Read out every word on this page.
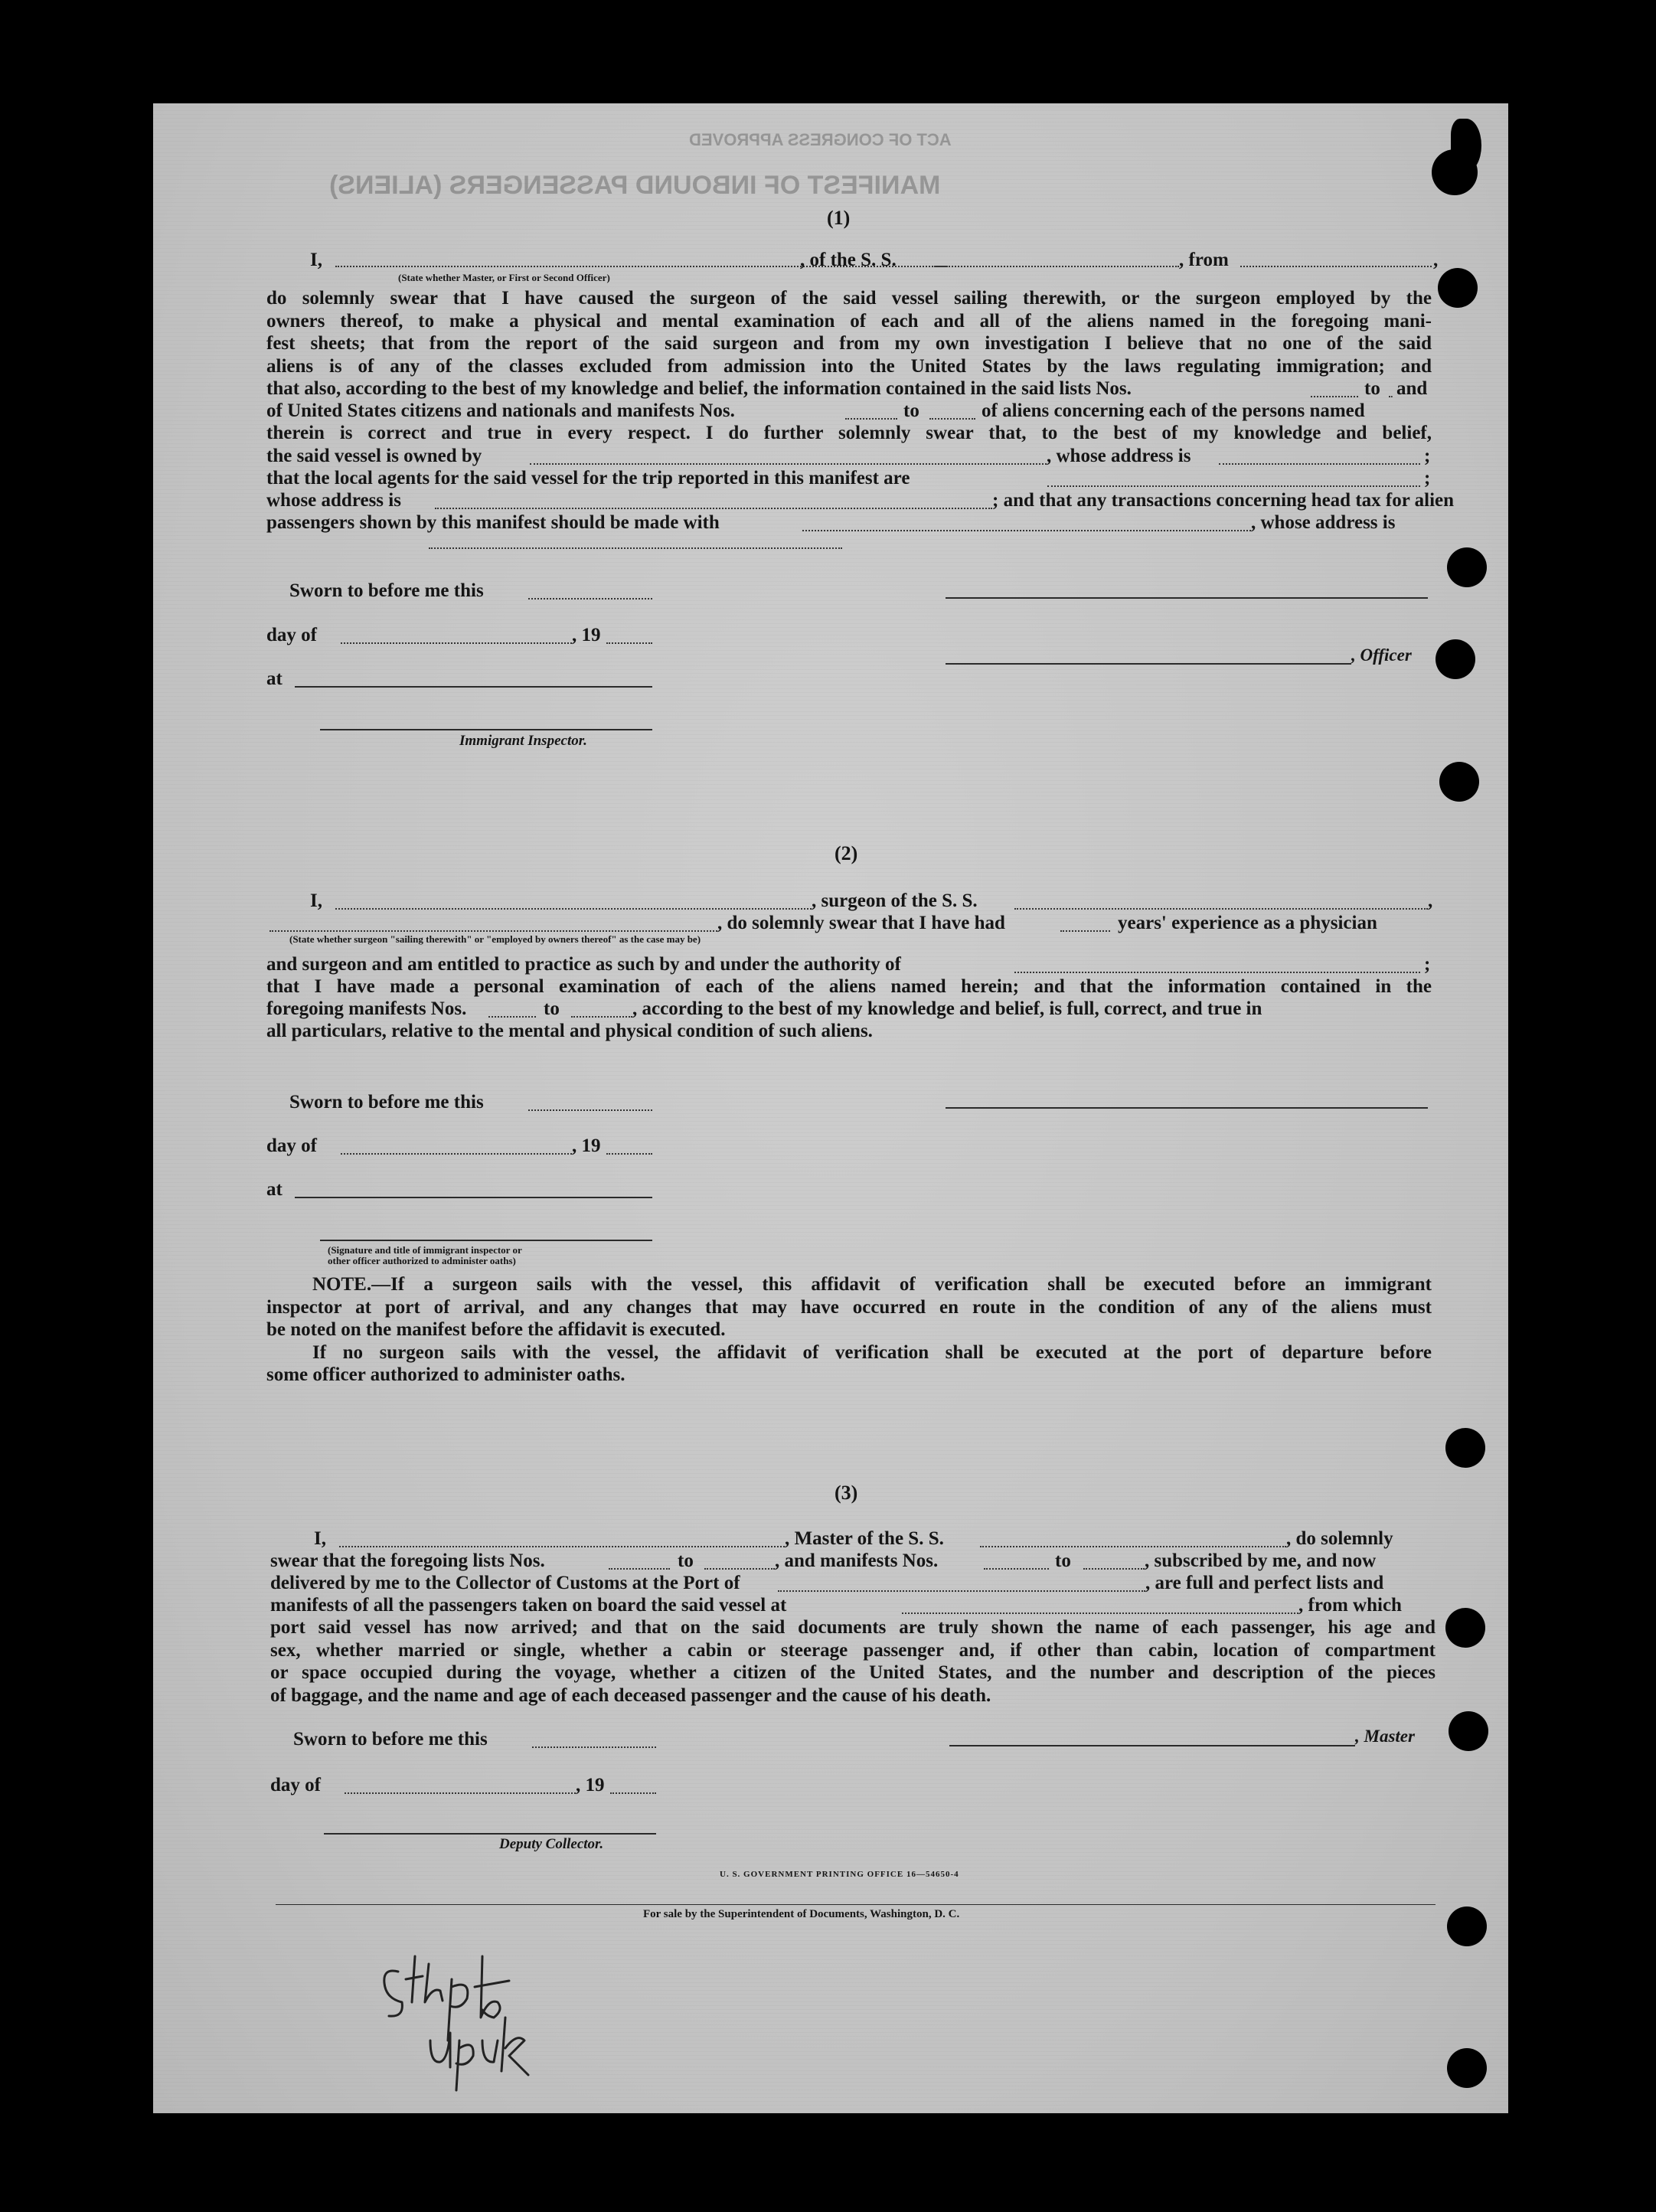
MANIFEST OF INBOUND PASSENGERS (ALIENS)
ACT OF CONGRESS APPROVED
(1)
I,	, of the S. S.	, from	,
(State whether Master, or First or Second Officer)
do solemnly swear that I have caused the surgeon of the said vessel sailing therewith, or the surgeon employed by the
owners thereof, to make a physical and mental examination of each and all of the aliens named in the foregoing mani-
fest sheets; that from the report of the said surgeon and from my own investigation I believe that no one of the said
aliens is of any of the classes excluded from admission into the United States by the laws regulating immigration; and
that also, according to the best of my knowledge and belief, the information contained in the said lists Nos.	to and
of United States citizens and nationals and manifests Nos.	to	of aliens concerning each of the persons named
therein is correct and true in every respect. I do further solemnly swear that, to the best of my knowledge and belief,
the said vessel is owned by	, whose address is	;
that the local agents for the said vessel for the trip reported in this manifest are	;
whose address is	; and that any transactions concerning head tax for alien
passengers shown by this manifest should be made with	, whose address is
Sworn to before me this
day of	, 19
, Officer
at
Immigrant Inspector.
(2)
I,	, surgeon of the S. S.	,
, do solemnly swear that I have had	years' experience as a physician
(State whether surgeon "sailing therewith" or "employed by owners thereof" as the case may be)
and surgeon and am entitled to practice as such by and under the authority of	;
that I have made a personal examination of each of the aliens named herein; and that the information contained in the
foregoing manifests Nos.	to	, according to the best of my knowledge and belief, is full, correct, and true in
all particulars, relative to the mental and physical condition of such aliens.
Sworn to before me this
day of	, 19
at
(Signature and title of immigrant inspector or
other officer authorized to administer oaths)
NOTE.—If a surgeon sails with the vessel, this affidavit of verification shall be executed before an immigrant
inspector at port of arrival, and any changes that may have occurred en route in the condition of any of the aliens must
be noted on the manifest before the affidavit is executed.
If no surgeon sails with the vessel, the affidavit of verification shall be executed at the port of departure before
some officer authorized to administer oaths.
(3)
I,	, Master of the S. S.	, do solemnly
swear that the foregoing lists Nos.	to	, and manifests Nos.	to	, subscribed by me, and now
delivered by me to the Collector of Customs at the Port of	, are full and perfect lists and
manifests of all the passengers taken on board the said vessel at	, from which
port said vessel has now arrived; and that on the said documents are truly shown the name of each passenger, his age and
sex, whether married or single, whether a cabin or steerage passenger and, if other than cabin, location of compartment
or space occupied during the voyage, whether a citizen of the United States, and the number and description of the pieces
of baggage, and the name and age of each deceased passenger and the cause of his death.
Sworn to before me this	, Master
day of	, 19
Deputy Collector.
U. S. GOVERNMENT PRINTING OFFICE 16—54650-4
For sale by the Superintendent of Documents, Washington, D. C.
